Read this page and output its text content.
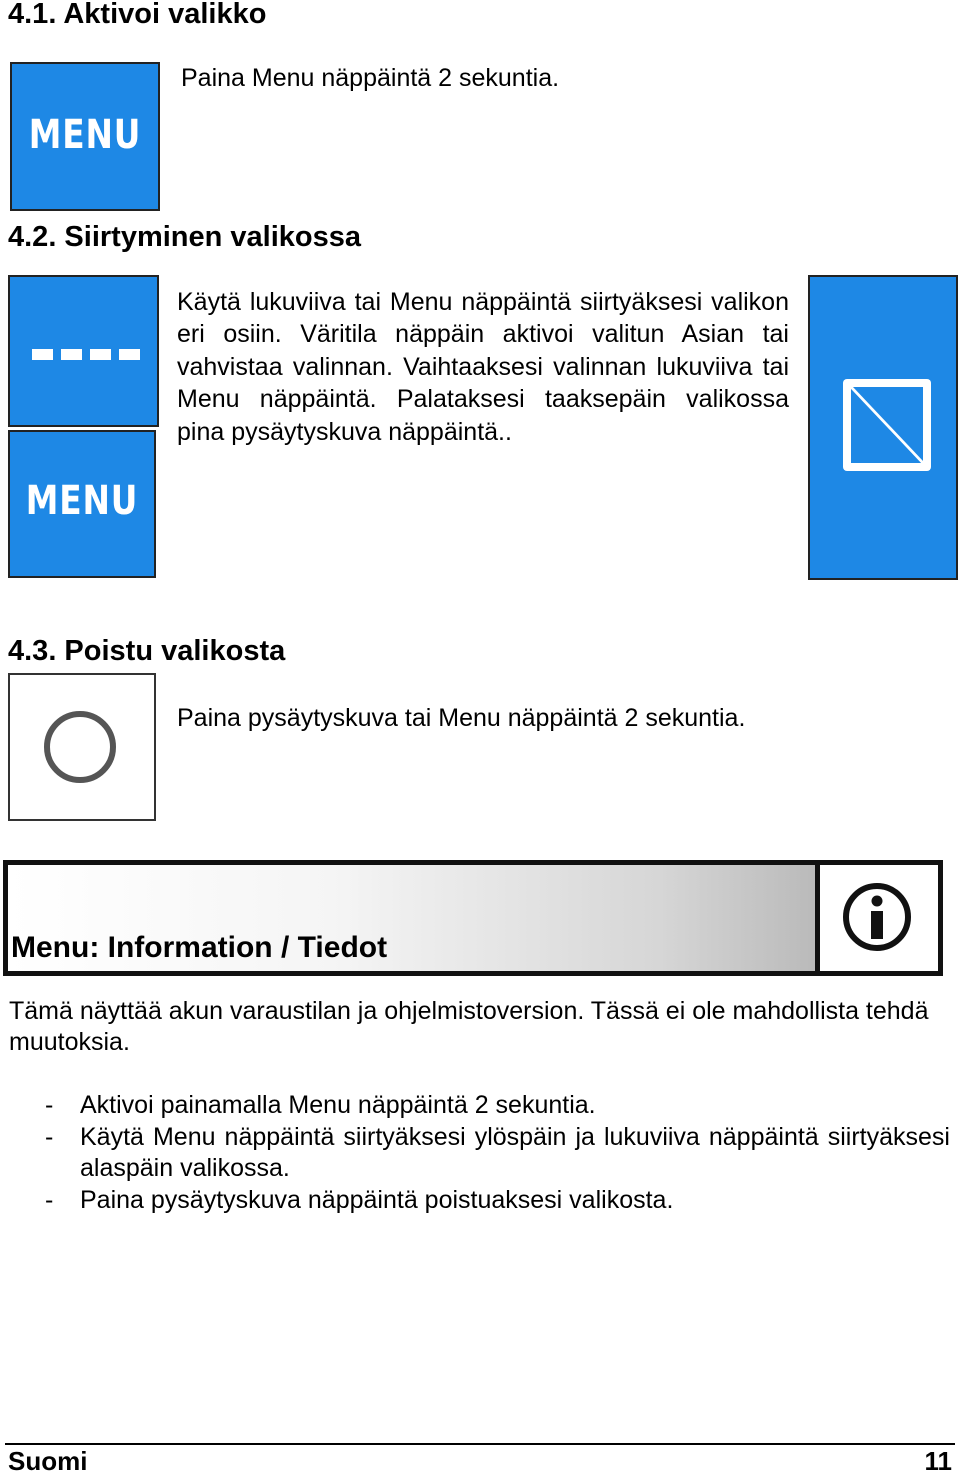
4.1. Aktivoi valikko
MENU

Paina Menu näppäintä 2 sekuntia.

4.2. Siirtyminen valikossa
MENU

Käytä lukuviiva tai Menu näppäintä siirtyäksesi valikon eri osiin. Väritila näppäin aktivoi valitun Asian tai vahvistaa valinnan. Vaihtaaksesi valinnan lukuviiva tai Menu näppäintä. Palataksesi taaksepäin valikossa pina pysäytyskuva näppäintä..

4.3. Poistu valikosta

Paina pysäytyskuva tai Menu näppäintä 2 sekuntia.

Menu: Information / Tiedot

Tämä näyttää akun varaustilan ja ohjelmistoversion. Tässä ei ole mahdollista tehdä muutoksia.

- Aktivoi painamalla Menu näppäintä 2 sekuntia.
- Käytä Menu näppäintä siirtyäksesi ylöspäin ja lukuviiva näppäintä siirtyäksesi alaspäin valikossa.
- Paina pysäytyskuva näppäintä poistuaksesi valikosta.
Suomi	11
